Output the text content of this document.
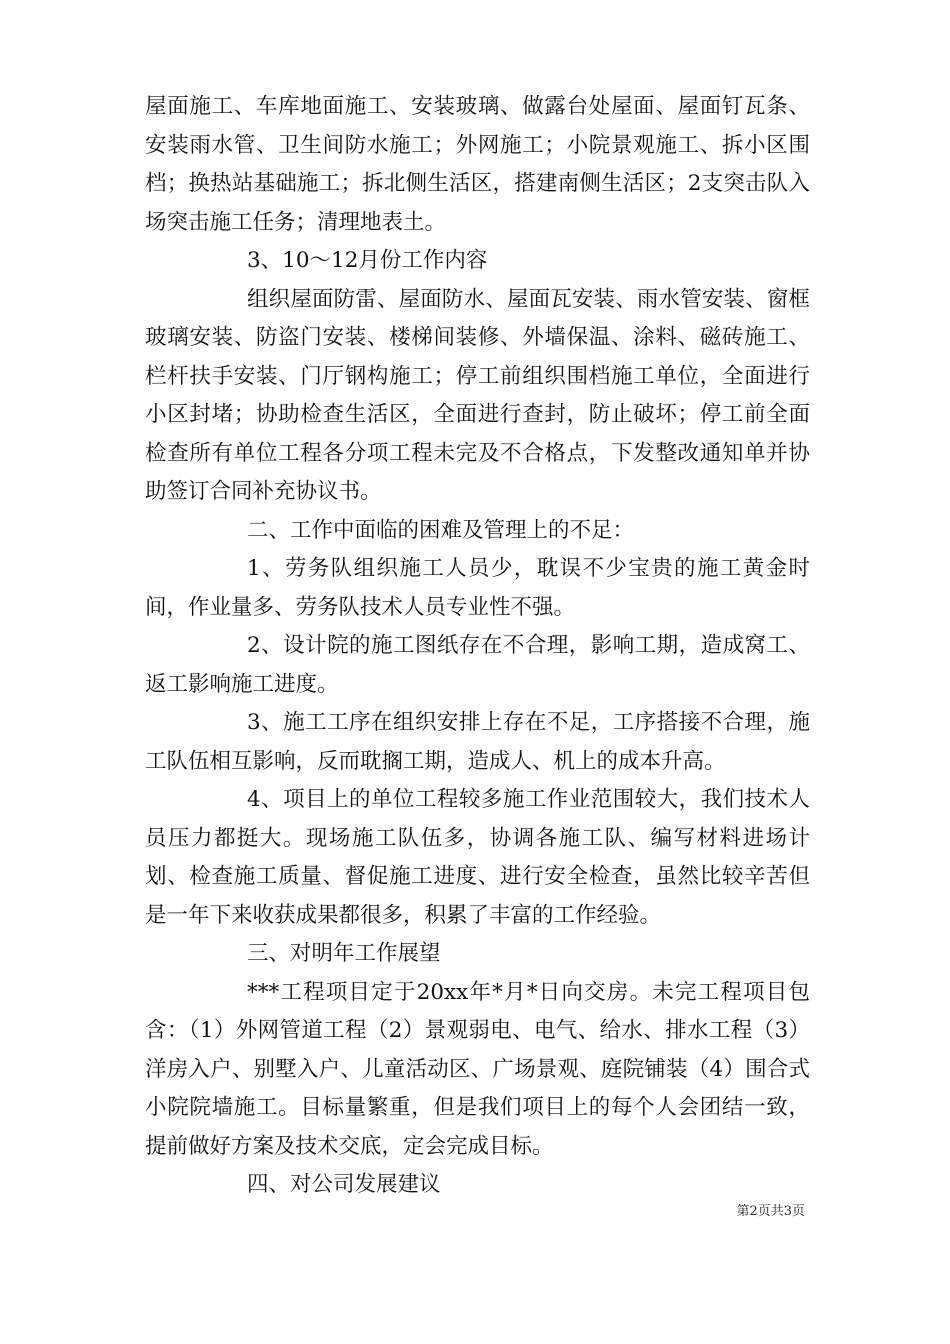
屋面施工、车库地面施工、安装玻璃、做露台处屋面、屋面钉瓦条、安装雨水管、卫生间防水施工；外网施工；小院景观施工、拆小区围档；换热站基础施工；拆北侧生活区，搭建南侧生活区；2支突击队入场突击施工任务；清理地表土。

3、10～12月份工作内容

组织屋面防雷、屋面防水、屋面瓦安装、雨水管安装、窗框玻璃安装、防盗门安装、楼梯间装修、外墙保温、涂料、磁砖施工、栏杆扶手安装、门厅钢构施工；停工前组织围档施工单位，全面进行小区封堵；协助检查生活区，全面进行查封，防止破坏；停工前全面检查所有单位工程各分项工程未完及不合格点，下发整改通知单并协助签订合同补充协议书。

二、工作中面临的困难及管理上的不足：

1、劳务队组织施工人员少，耽误不少宝贵的施工黄金时间，作业量多、劳务队技术人员专业性不强。

2、设计院的施工图纸存在不合理，影响工期，造成窝工、返工影响施工进度。

3、施工工序在组织安排上存在不足，工序搭接不合理，施工队伍相互影响，反而耽搁工期，造成人、机上的成本升高。

4、项目上的单位工程较多施工作业范围较大，我们技术人员压力都挺大。现场施工队伍多，协调各施工队、编写材料进场计划、检查施工质量、督促施工进度、进行安全检查，虽然比较辛苦但是一年下来收获成果都很多，积累了丰富的工作经验。

三、对明年工作展望

***工程项目定于20xx年*月*日向交房。未完工程项目包含：（1）外网管道工程（2）景观弱电、电气、给水、排水工程（3）洋房入户、别墅入户、儿童活动区、广场景观、庭院铺装（4）围合式小院院墙施工。目标量繁重，但是我们项目上的每个人会团结一致，提前做好方案及技术交底，定会完成目标。

四、对公司发展建议

第2页共3页
